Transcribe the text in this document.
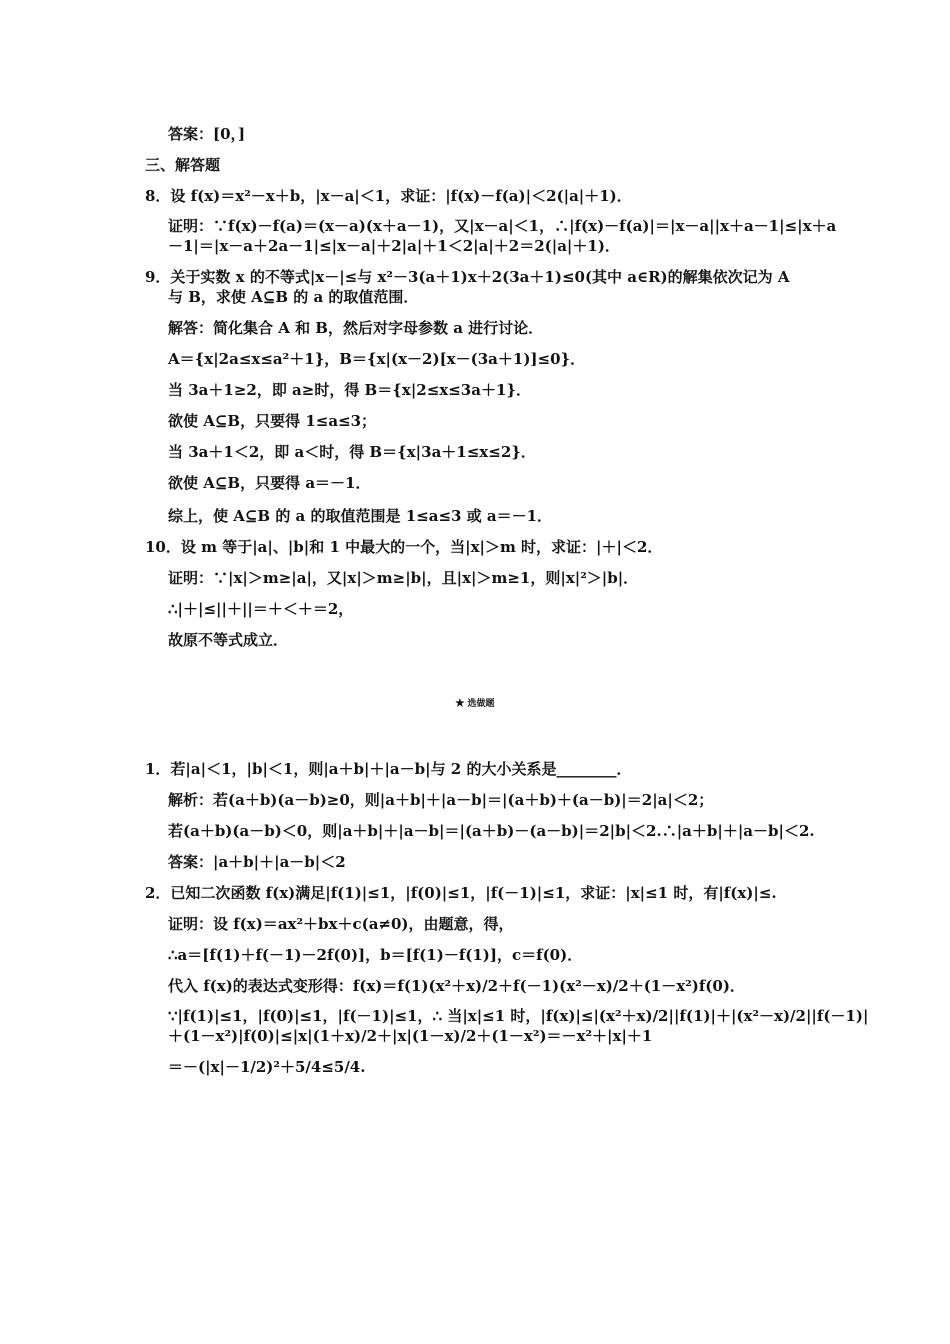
答案：[0，]
三、解答题
8．设 f(x)＝x²－x＋b，|x－a|＜1，求证：|f(x)－f(a)|＜2(|a|＋1)．
证明：∵f(x)－f(a)＝(x－a)(x＋a－1)，又|x－a|＜1，∴|f(x)－f(a)|＝|x－a||x＋a－1|≤|x＋a
－1|＝|x－a＋2a－1|≤|x－a|＋2|a|＋1＜2|a|＋2＝2(|a|＋1)．
9．关于实数 x 的不等式|x－|≤与 x²－3(a＋1)x＋2(3a＋1)≤0(其中 a∈R)的解集依次记为 A
与 B，求使 A⊆B 的 a 的取值范围．
解答：简化集合 A 和 B，然后对字母参数 a 进行讨论．
A＝{x|2a≤x≤a²＋1}，B＝{x|(x－2)[x－(3a＋1)]≤0}．
当 3a＋1≥2，即 a≥时，得 B＝{x|2≤x≤3a＋1}．
欲使 A⊆B，只要得 1≤a≤3；
当 3a＋1＜2，即 a＜时，得 B＝{x|3a＋1≤x≤2}．
欲使 A⊆B，只要得 a＝－1．
综上，使 A⊆B 的 a 的取值范围是 1≤a≤3 或 a＝－1．
10．设 m 等于|a|、|b|和 1 中最大的一个，当|x|＞m 时，求证：|＋|＜2．
证明：∵|x|＞m≥|a|，又|x|＞m≥|b|，且|x|＞m≥1，则|x|²＞|b|．
∴|＋|≤||＋||＝＋＜＋＝2，
故原不等式成立．
★ 选做题
1．若|a|＜1，|b|＜1，则|a＋b|＋|a－b|与 2 的大小关系是________．
解析：若(a＋b)(a－b)≥0，则|a＋b|＋|a－b|＝|(a＋b)＋(a－b)|＝2|a|＜2；
若(a＋b)(a－b)＜0，则|a＋b|＋|a－b|＝|(a＋b)－(a－b)|＝2|b|＜2.∴|a＋b|＋|a－b|＜2.
答案：|a＋b|＋|a－b|＜2
2．已知二次函数 f(x)满足|f(1)|≤1，|f(0)|≤1，|f(－1)|≤1，求证：|x|≤1 时，有|f(x)|≤.
证明：设 f(x)＝ax²＋bx＋c(a≠0)，由题意，得，
∴a＝[f(1)＋f(－1)－2f(0)]，b＝[f(1)－f(1)]，c＝f(0)．
代入 f(x)的表达式变形得：f(x)＝f(1)(x²＋x)/2＋f(－1)(x²－x)/2＋(1－x²)f(0)．
∵|f(1)|≤1，|f(0)|≤1，|f(－1)|≤1，∴ 当|x|≤1 时，|f(x)|≤|(x²＋x)/2||f(1)|＋|(x²－x)/2||f(－1)|
＋(1－x²)|f(0)|≤|x|(1＋x)/2＋|x|(1－x)/2＋(1－x²)＝－x²＋|x|＋1
＝－(|x|－1/2)²＋5/4≤5/4.
